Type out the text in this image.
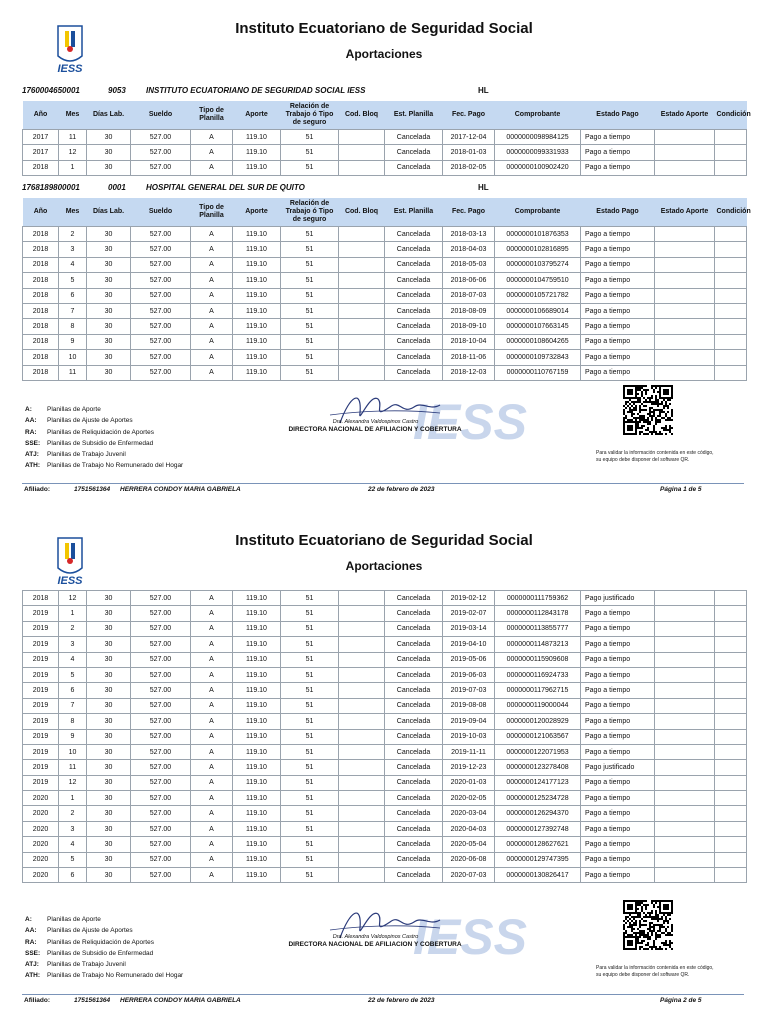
IESS
Instituto Ecuatoriano de Seguridad Social
Aportaciones
1760004650001	9053	INSTITUTO ECUATORIANO DE SEGURIDAD SOCIAL IESS	HL
Año	Mes	Días Lab.	Sueldo	Tipo de Planilla	Aporte	Relación de Trabajo ó Tipo de seguro	Cod. Bloq	Est. Planilla	Fec. Pago	Comprobante	Estado Pago	Estado Aporte	Condición
2017	11	30	527.00	A	119.10	51		Cancelada	2017-12-04	0000000098984125	Pago a tiempo		
2017	12	30	527.00	A	119.10	51		Cancelada	2018-01-03	0000000099331933	Pago a tiempo		
2018	1	30	527.00	A	119.10	51		Cancelada	2018-02-05	0000000100902420	Pago a tiempo		
1768189800001	0001	HOSPITAL GENERAL DEL SUR DE QUITO	HL
Año	Mes	Días Lab.	Sueldo	Tipo de Planilla	Aporte	Relación de Trabajo ó Tipo de seguro	Cod. Bloq	Est. Planilla	Fec. Pago	Comprobante	Estado Pago	Estado Aporte	Condición
2018	2	30	527.00	A	119.10	51		Cancelada	2018-03-13	0000000101876353	Pago a tiempo		
2018	3	30	527.00	A	119.10	51		Cancelada	2018-04-03	0000000102816895	Pago a tiempo		
2018	4	30	527.00	A	119.10	51		Cancelada	2018-05-03	0000000103795274	Pago a tiempo		
2018	5	30	527.00	A	119.10	51		Cancelada	2018-06-06	0000000104759510	Pago a tiempo		
2018	6	30	527.00	A	119.10	51		Cancelada	2018-07-03	0000000105721782	Pago a tiempo		
2018	7	30	527.00	A	119.10	51		Cancelada	2018-08-09	0000000106689014	Pago a tiempo		
2018	8	30	527.00	A	119.10	51		Cancelada	2018-09-10	0000000107663145	Pago a tiempo		
2018	9	30	527.00	A	119.10	51		Cancelada	2018-10-04	0000000108604265	Pago a tiempo		
2018	10	30	527.00	A	119.10	51		Cancelada	2018-11-06	0000000109732843	Pago a tiempo		
2018	11	30	527.00	A	119.10	51		Cancelada	2018-12-03	0000000110767159	Pago a tiempo		
A: Planillas de Aporte
AA: Planillas de Ajuste de Aportes
RA: Planillas de Reliquidación de Aportes
SSE: Planillas de Subsidio de Enfermedad
ATJ: Planillas de Trabajo Juvenil
ATH: Planillas de Trabajo No Remunerado del Hogar
IESS
Dra. Alexandra Valdospinos Castro
DIRECTORA NACIONAL DE AFILIACION Y COBERTURA
Para validar la información contenida en este código, su equipo debe disponer del software QR.
Afiliado:	1751561364 HERRERA CONDOY MARIA GABRIELA	22 de febrero de 2023	Página 1 de 5
IESS
Instituto Ecuatoriano de Seguridad Social
Aportaciones
2018	12	30	527.00	A	119.10	51		Cancelada	2019-02-12	0000000111759362	Pago justificado		
2019	1	30	527.00	A	119.10	51		Cancelada	2019-02-07	0000000112843178	Pago a tiempo		
2019	2	30	527.00	A	119.10	51		Cancelada	2019-03-14	0000000113855777	Pago a tiempo		
2019	3	30	527.00	A	119.10	51		Cancelada	2019-04-10	0000000114873213	Pago a tiempo		
2019	4	30	527.00	A	119.10	51		Cancelada	2019-05-06	0000000115909608	Pago a tiempo		
2019	5	30	527.00	A	119.10	51		Cancelada	2019-06-03	0000000116924733	Pago a tiempo		
2019	6	30	527.00	A	119.10	51		Cancelada	2019-07-03	0000000117962715	Pago a tiempo		
2019	7	30	527.00	A	119.10	51		Cancelada	2019-08-08	0000000119000044	Pago a tiempo		
2019	8	30	527.00	A	119.10	51		Cancelada	2019-09-04	0000000120028929	Pago a tiempo		
2019	9	30	527.00	A	119.10	51		Cancelada	2019-10-03	0000000121063567	Pago a tiempo		
2019	10	30	527.00	A	119.10	51		Cancelada	2019-11-11	0000000122071953	Pago a tiempo		
2019	11	30	527.00	A	119.10	51		Cancelada	2019-12-23	0000000123278408	Pago justificado		
2019	12	30	527.00	A	119.10	51		Cancelada	2020-01-03	0000000124177123	Pago a tiempo		
2020	1	30	527.00	A	119.10	51		Cancelada	2020-02-05	0000000125234728	Pago a tiempo		
2020	2	30	527.00	A	119.10	51		Cancelada	2020-03-04	0000000126294370	Pago a tiempo		
2020	3	30	527.00	A	119.10	51		Cancelada	2020-04-03	0000000127392748	Pago a tiempo		
2020	4	30	527.00	A	119.10	51		Cancelada	2020-05-04	0000000128627621	Pago a tiempo		
2020	5	30	527.00	A	119.10	51		Cancelada	2020-06-08	0000000129747395	Pago a tiempo		
2020	6	30	527.00	A	119.10	51		Cancelada	2020-07-03	0000000130826417	Pago a tiempo		
A: Planillas de Aporte
AA: Planillas de Ajuste de Aportes
RA: Planillas de Reliquidación de Aportes
SSE: Planillas de Subsidio de Enfermedad
ATJ: Planillas de Trabajo Juvenil
ATH: Planillas de Trabajo No Remunerado del Hogar
IESS
Dra. Alexandra Valdospinos Castro
DIRECTORA NACIONAL DE AFILIACION Y COBERTURA
Para validar la información contenida en este código, su equipo debe disponer del software QR.
Afiliado:	1751561364 HERRERA CONDOY MARIA GABRIELA	22 de febrero de 2023	Página 2 de 5
